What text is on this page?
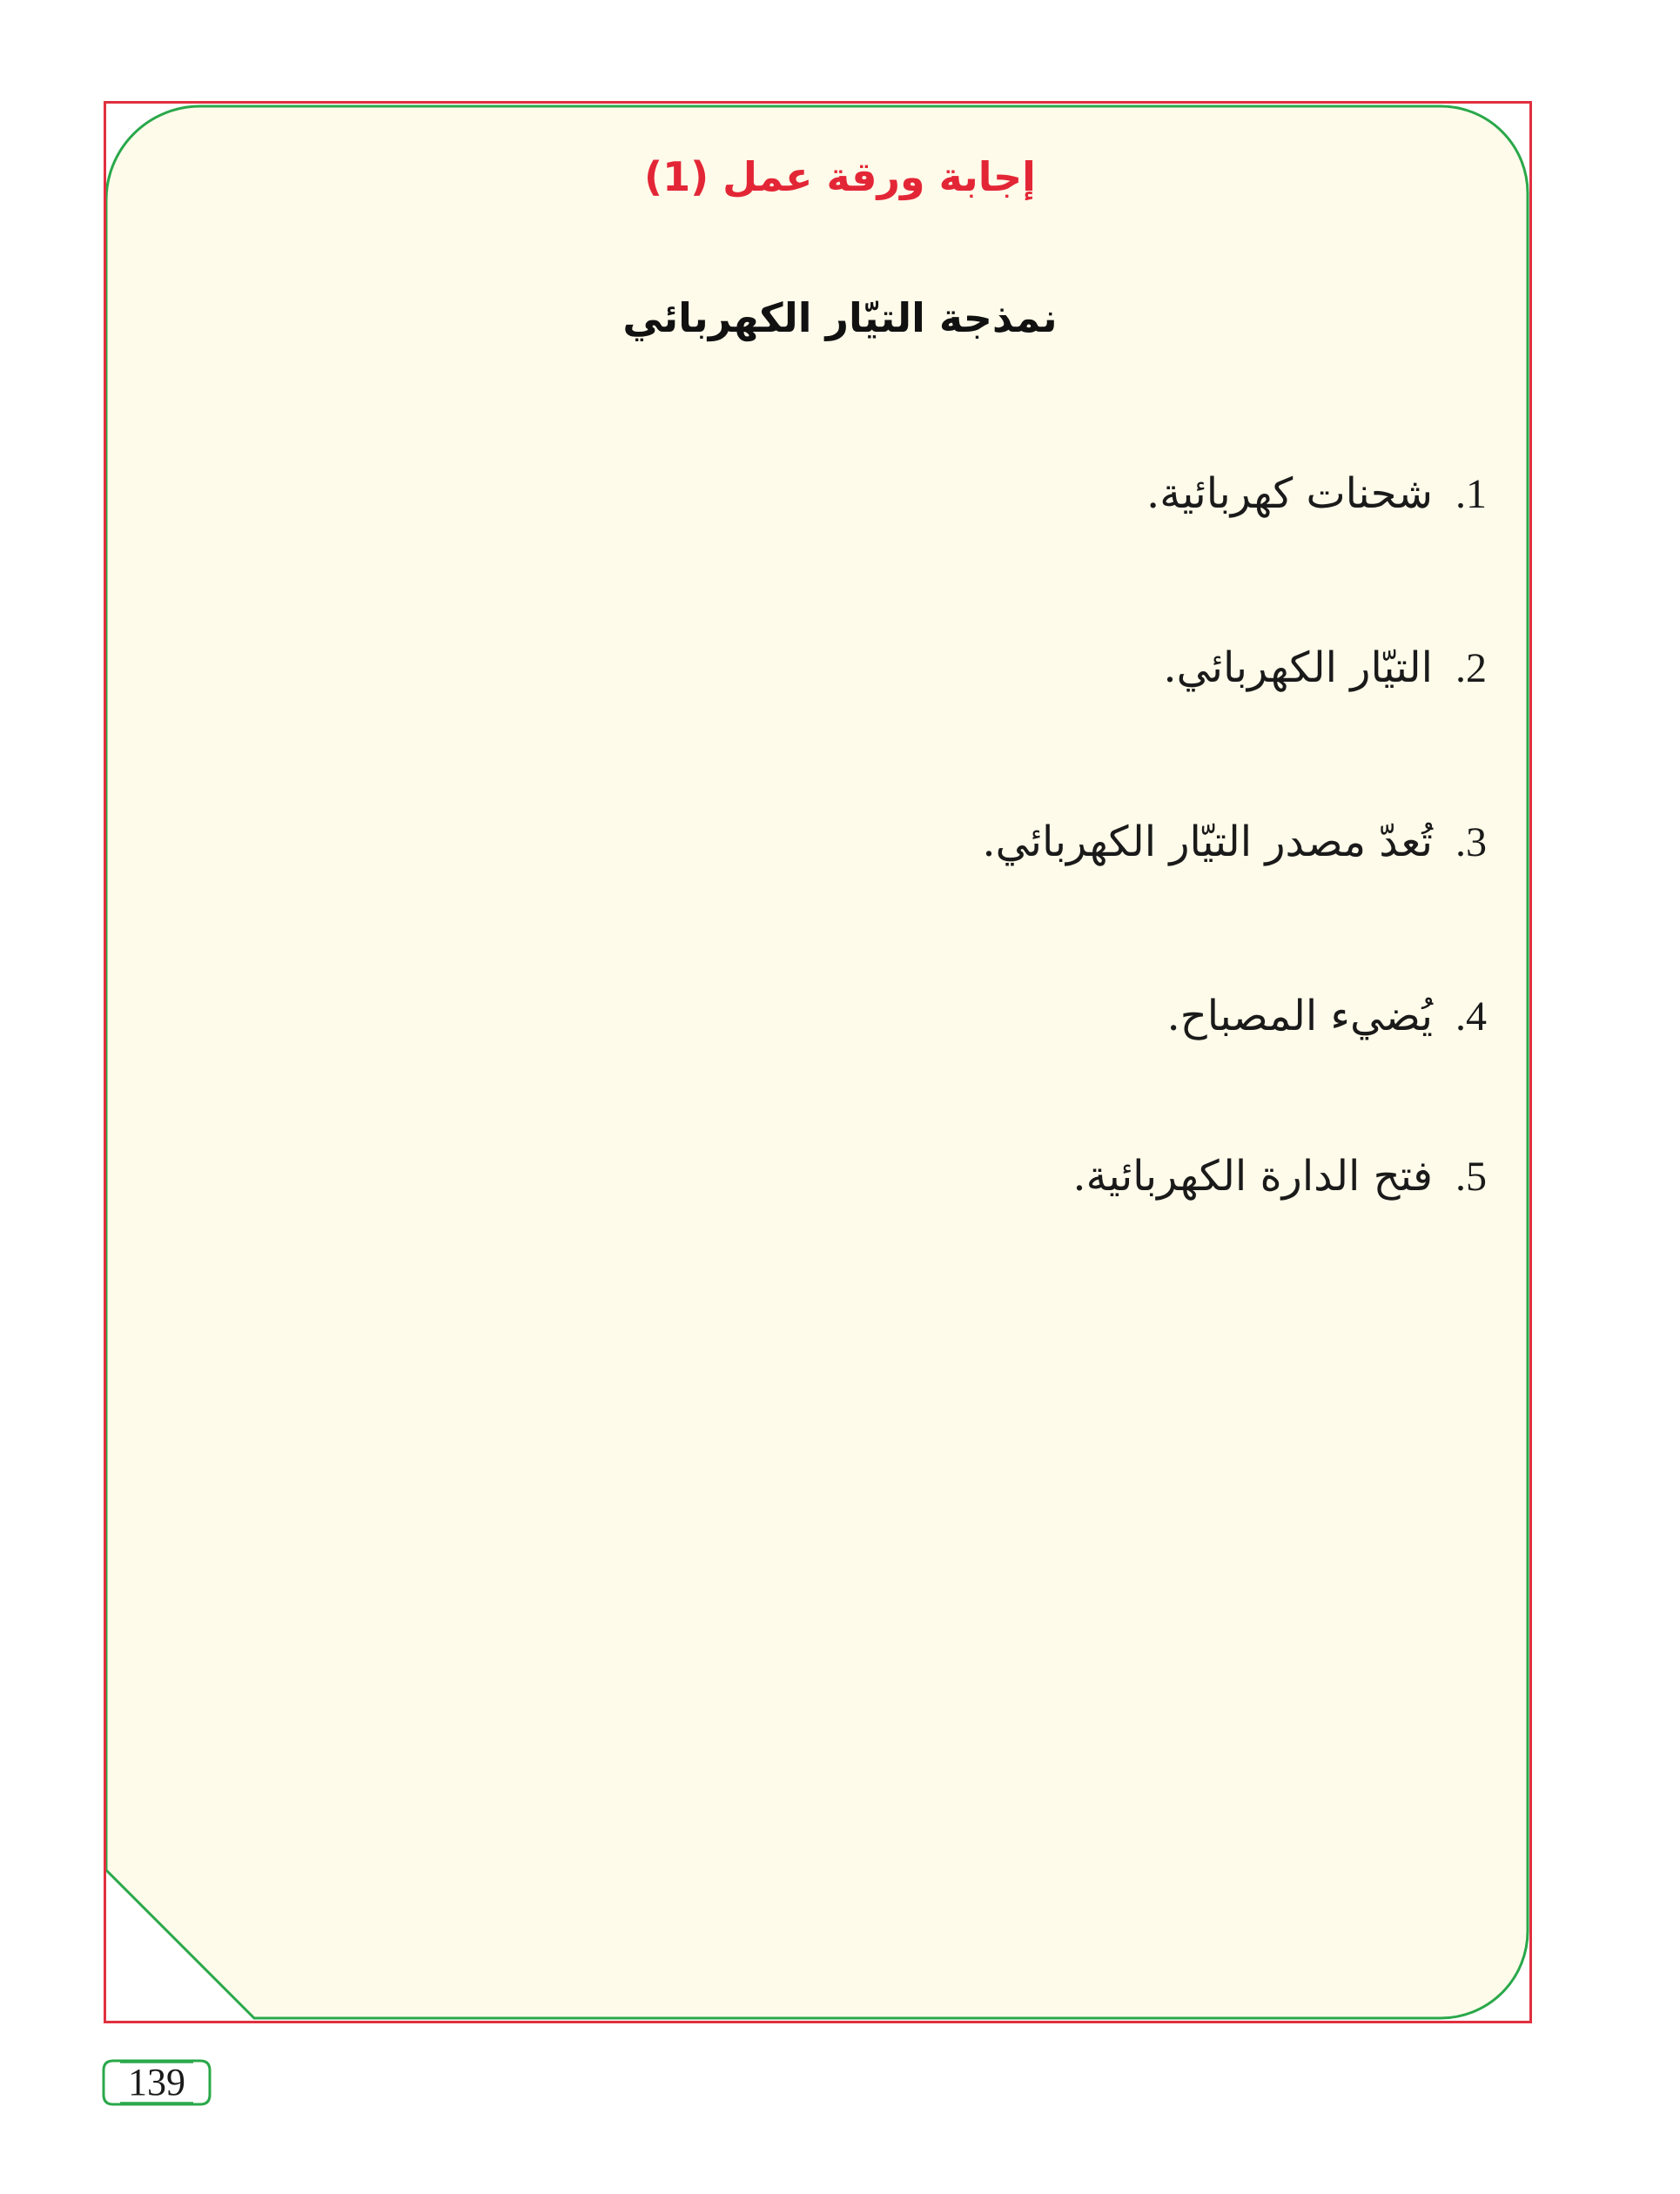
إجابة ورقة عمل (1)
نمذجة التيّار الكهربائي
1.شحنات كهربائية.
2.التيّار الكهربائي.
3.تُعدّ مصدر التيّار الكهربائي.
4.يُضيء المصباح.
5.فتح الدارة الكهربائية.
139
